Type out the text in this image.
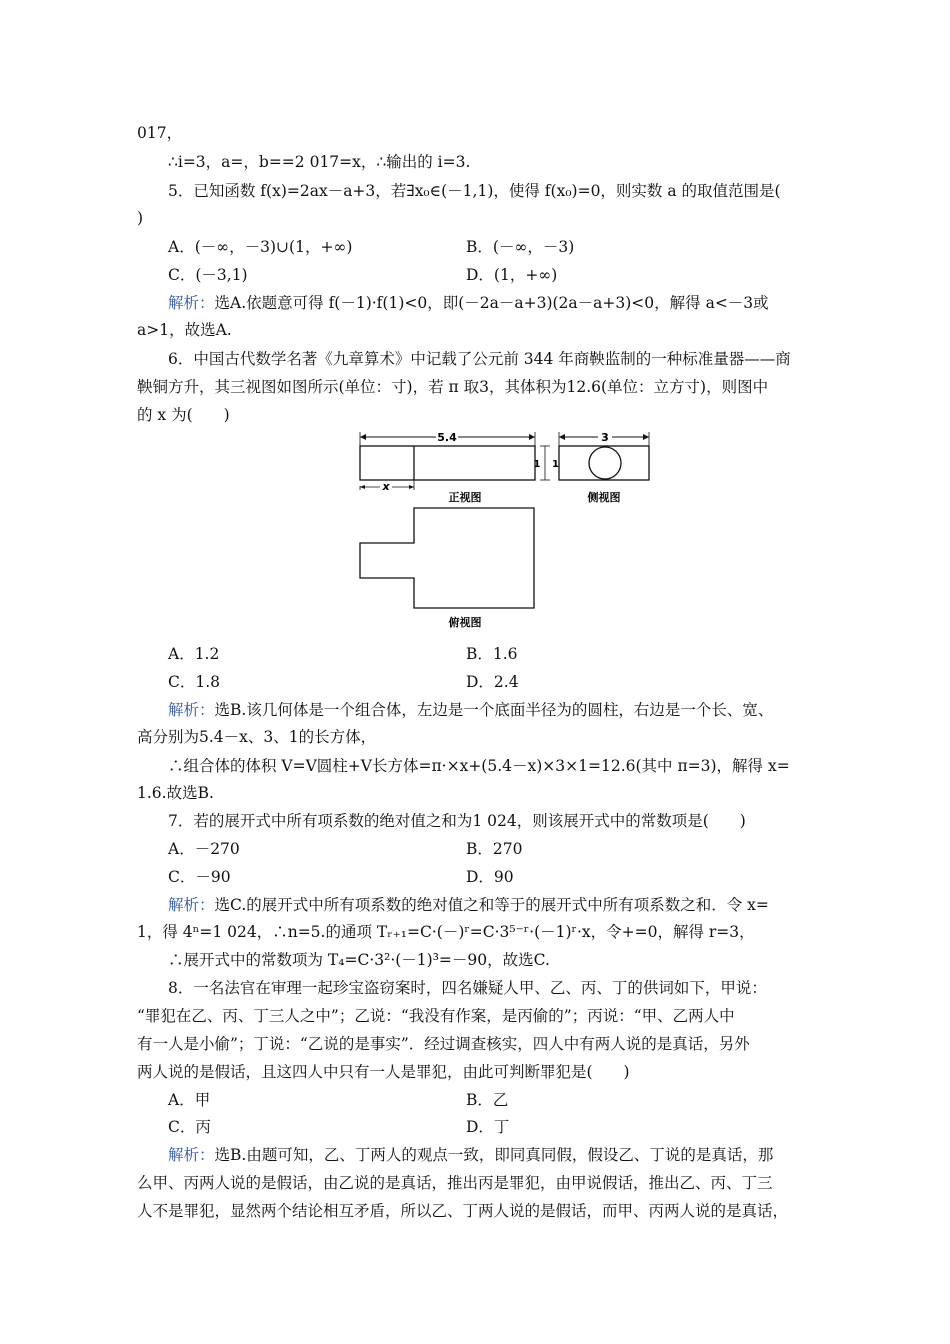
017，
∴i=3，a=，b==2 017=x，∴输出的 i=3.
5．已知函数 f(x)=2ax－a+3，若∃x₀∈(－1,1)，使得 f(x₀)=0，则实数 a 的取值范围是(
)
A．(－∞，－3)∪(1，+∞)	B．(－∞，－3)
C．(－3,1)	D．(1，+∞)
解析：选A.依题意可得 f(－1)·f(1)<0，即(－2a－a+3)(2a－a+3)<0，解得 a<－3或
a>1，故选A.
6．中国古代数学名著《九章算术》中记载了公元前 344 年商鞅监制的一种标准量器——商
鞅铜方升，其三视图如图所示(单位：寸)，若 π 取3，其体积为12.6(单位：立方寸)，则图中
的 x 为(　　)
5.4
1 1
x
正视图
3
侧视图
俯视图
A．1.2	B．1.6
C．1.8	D．2.4
解析：选B.该几何体是一个组合体，左边是一个底面半径为的圆柱，右边是一个长、宽、
高分别为5.4－x、3、1的长方体，
∴组合体的体积 V=V圆柱+V长方体=π·×x+(5.4－x)×3×1=12.6(其中 π=3)，解得 x=
1.6.故选B.
7．若的展开式中所有项系数的绝对值之和为1 024，则该展开式中的常数项是(　　)
A．－270	B．270
C．－90	D．90
解析：选C.的展开式中所有项系数的绝对值之和等于的展开式中所有项系数之和．令 x=
1，得 4ⁿ=1 024，∴n=5.的通项 Tᵣ₊₁=C·(－)ʳ=C·3⁵⁻ʳ·(－1)ʳ·x，令+=0，解得 r=3，
∴展开式中的常数项为 T₄=C·3²·(－1)³=－90，故选C.
8．一名法官在审理一起珍宝盗窃案时，四名嫌疑人甲、乙、丙、丁的供词如下，甲说：
“罪犯在乙、丙、丁三人之中”；乙说：“我没有作案，是丙偷的”；丙说：“甲、乙两人中
有一人是小偷”；丁说：“乙说的是事实”．经过调查核实，四人中有两人说的是真话，另外
两人说的是假话，且这四人中只有一人是罪犯，由此可判断罪犯是(　　)
A．甲	B．乙
C．丙	D．丁
解析：选B.由题可知，乙、丁两人的观点一致，即同真同假，假设乙、丁说的是真话，那
么甲、丙两人说的是假话，由乙说的是真话，推出丙是罪犯，由甲说假话，推出乙、丙、丁三
人不是罪犯，显然两个结论相互矛盾，所以乙、丁两人说的是假话，而甲、丙两人说的是真话，
